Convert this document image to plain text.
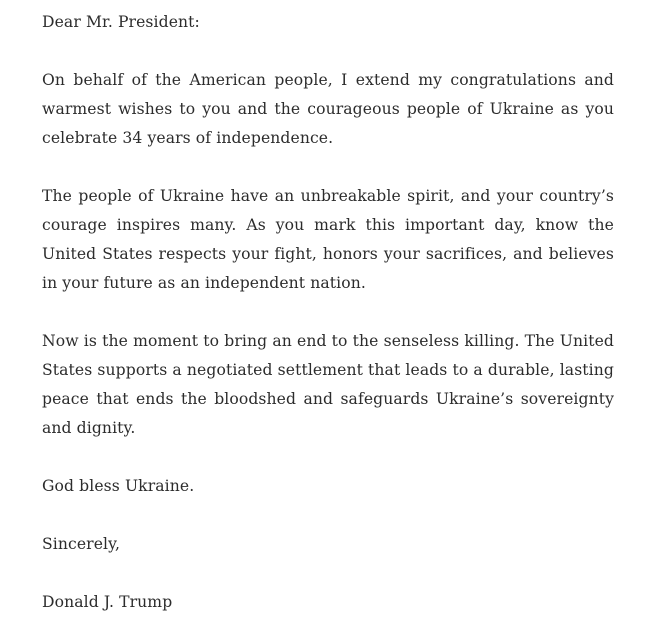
Dear Mr. President:

On behalf of the American people, I extend my congratulations and warmest wishes to you and the courageous people of Ukraine as you celebrate 34 years of independence.

The people of Ukraine have an unbreakable spirit, and your country’s courage inspires many. As you mark this important day, know the United States respects your fight, honors your sacrifices, and believes in your future as an independent nation.

Now is the moment to bring an end to the senseless killing. The United States supports a negotiated settlement that leads to a durable, lasting peace that ends the bloodshed and safeguards Ukraine’s sovereignty and dignity.

God bless Ukraine.

Sincerely,

Donald J. Trump
